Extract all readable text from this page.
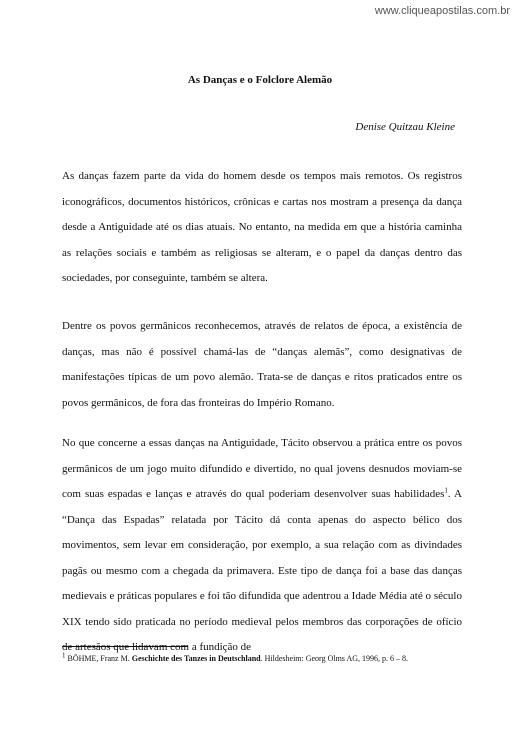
www.cliqueapostilas.com.br
As Danças e o Folclore Alemão
Denise Quitzau Kleine

As danças fazem parte da vida do homem desde os tempos mais remotos. Os registros iconográficos, documentos históricos, crônicas e cartas nos mostram a presença da dança desde a Antiguidade até os dias atuais. No entanto, na medida em que a história caminha as relações sociais e também as religiosas se alteram, e o papel da danças dentro das sociedades, por conseguinte, também se altera.

Dentre os povos germânicos reconhecemos, através de relatos de época, a existência de danças, mas não é possível chamá-las de “danças alemãs”, como designativas de manifestações típicas de um povo alemão. Trata-se de danças e ritos praticados entre os povos germânicos, de fora das fronteiras do Império Romano.

No que concerne a essas danças na Antiguidade, Tácito observou a prática entre os povos germânicos de um jogo muito difundido e divertido, no qual jovens desnudos moviam-se com suas espadas e lanças e através do qual poderiam desenvolver suas habilidades$^1$. A “Dança das Espadas” relatada por Tácito dá conta apenas do aspecto bélico dos movimentos, sem levar em consideração, por exemplo, a sua relação com as divindades pagãs ou mesmo com a chegada da primavera. Este tipo de dança foi a base das danças medievais e práticas populares e foi tão difundida que adentrou a Idade Média até o século XIX tendo sido praticada no período medieval pelos membros das corporações de ofício de artesãos que lidavam com a fundição de

$^1$ BÖHME, Franz M. Geschichte des Tanzes in Deutschland. Hildesheim: Georg Olms AG, 1996, p. 6 – 8.
